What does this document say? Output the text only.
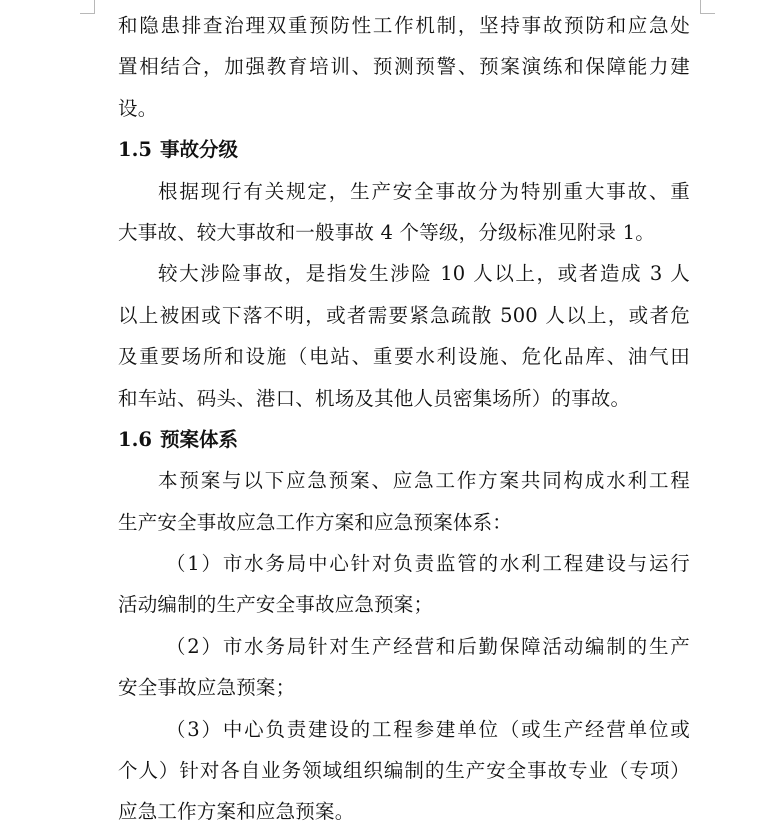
和隐患排查治理双重预防性工作机制，坚持事故预防和应急处
置相结合，加强教育培训、预测预警、预案演练和保障能力建
设。
1.5 事故分级
根据现行有关规定，生产安全事故分为特别重大事故、重
大事故、较大事故和一般事故 4 个等级，分级标准见附录 1。
较大涉险事故，是指发生涉险 10 人以上，或者造成 3 人
以上被困或下落不明，或者需要紧急疏散 500 人以上，或者危
及重要场所和设施（电站、重要水利设施、危化品库、油气田
和车站、码头、港口、机场及其他人员密集场所）的事故。
1.6 预案体系
本预案与以下应急预案、应急工作方案共同构成水利工程
生产安全事故应急工作方案和应急预案体系：
（1）市水务局中心针对负责监管的水利工程建设与运行
活动编制的生产安全事故应急预案；
（2）市水务局针对生产经营和后勤保障活动编制的生产
安全事故应急预案；
（3）中心负责建设的工程参建单位（或生产经营单位或
个人）针对各自业务领域组织编制的生产安全事故专业（专项）
应急工作方案和应急预案。
